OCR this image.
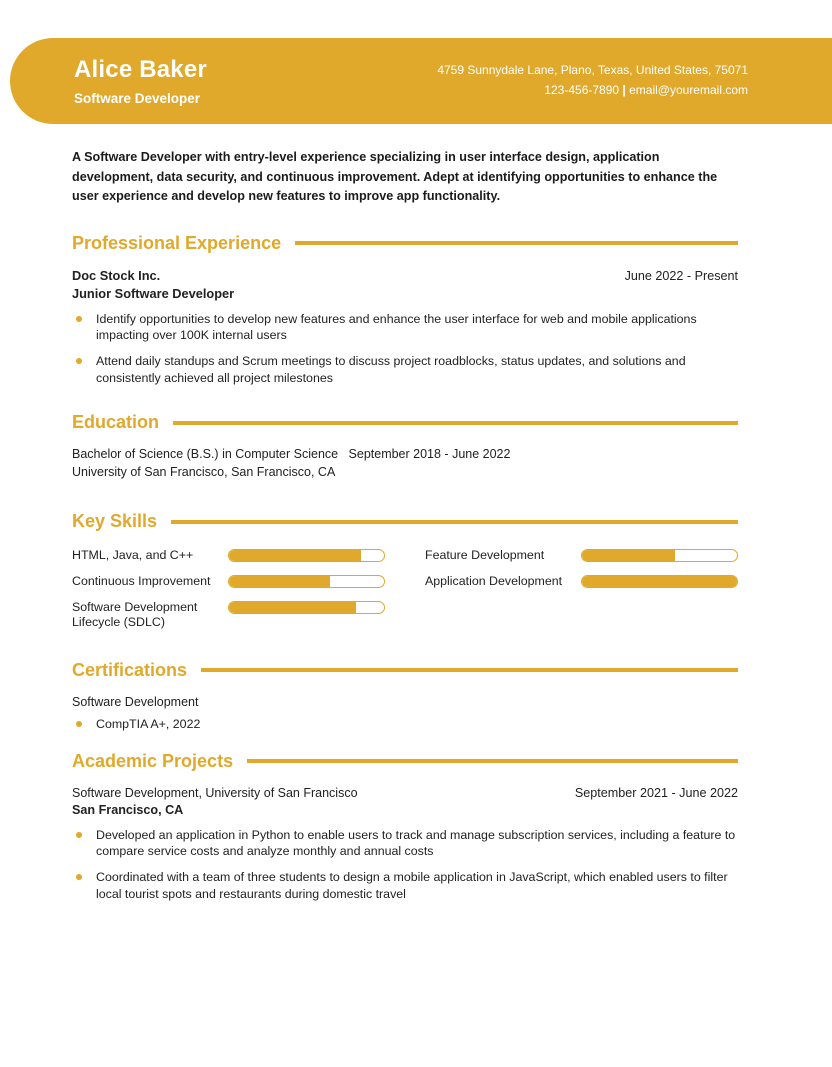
Alice Baker
Software Developer
4759 Sunnydale Lane, Plano, Texas, United States, 75071
123-456-7890 | email@youremail.com
A Software Developer with entry-level experience specializing in user interface design, application development, data security, and continuous improvement. Adept at identifying opportunities to enhance the user experience and develop new features to improve app functionality.
Professional Experience
Doc Stock Inc.	June 2022 - Present
Junior Software Developer
Identify opportunities to develop new features and enhance the user interface for web and mobile applications impacting over 100K internal users
Attend daily standups and Scrum meetings to discuss project roadblocks, status updates, and solutions and consistently achieved all project milestones
Education
Bachelor of Science (B.S.) in Computer Science September 2018 - June 2022
University of San Francisco, San Francisco, CA
Key Skills
HTML, Java, and C++	Feature Development
Continuous Improvement	Application Development
Software Development Lifecycle (SDLC)
Certifications
Software Development
CompTIA A+, 2022
Academic Projects
Software Development, University of San Francisco	September 2021 - June 2022
San Francisco, CA
Developed an application in Python to enable users to track and manage subscription services, including a feature to compare service costs and analyze monthly and annual costs
Coordinated with a team of three students to design a mobile application in JavaScript, which enabled users to filter local tourist spots and restaurants during domestic travel
